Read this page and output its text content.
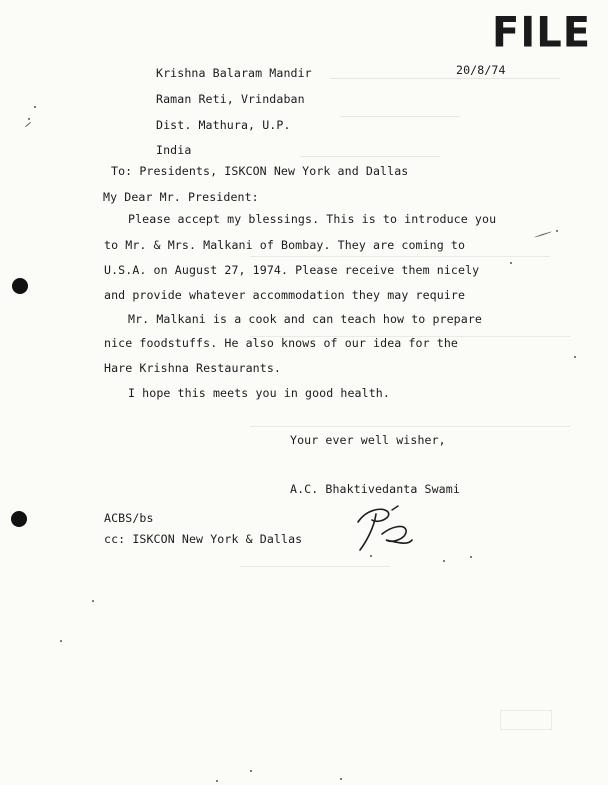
FILE
20/8/74
Krishna Balaram Mandir
Raman Reti, Vrindaban
Dist. Mathura, U.P.
India
To: Presidents, ISKCON New York and Dallas
My Dear Mr. President:
Please accept my blessings. This is to introduce you
to Mr. & Mrs. Malkani of Bombay. They are coming to
U.S.A. on August 27, 1974. Please receive them nicely
and provide whatever accommodation they may require
Mr. Malkani is a cook and can teach how to prepare
nice foodstuffs. He also knows of our idea for the
Hare Krishna Restaurants.
I hope this meets you in good health.
Your ever well wisher,
A.C. Bhaktivedanta Swami
ACBS/bs
cc: ISKCON New York & Dallas
